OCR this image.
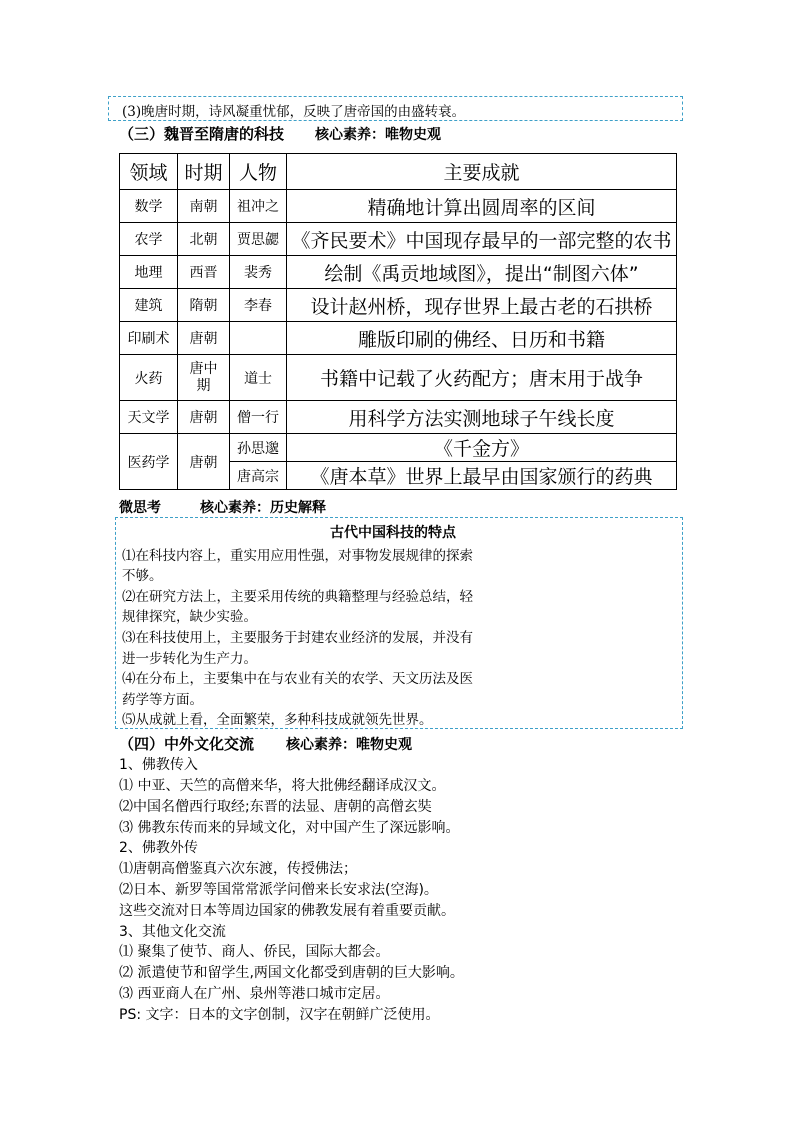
(3)晚唐时期，诗风凝重忧郁，反映了唐帝国的由盛转衰。
（三）魏晋至隋唐的科技 核心素养：唯物史观
领域	时期	人物	主要成就
数学	南朝	祖冲之	精确地计算出圆周率的区间
农学	北朝	贾思勰	《齐民要术》中国现存最早的一部完整的农书
地理	西晋	裴秀	绘制《禹贡地域图》，提出“制图六体”
建筑	隋朝	李春	设计赵州桥，现存世界上最古老的石拱桥
印刷术	唐朝		雕版印刷的佛经、日历和书籍
火药	唐中期	道士	书籍中记载了火药配方；唐末用于战争
天文学	唐朝	僧一行	用科学方法实测地球子午线长度
医药学	唐朝	孙思邈	《千金方》
		唐高宗	《唐本草》世界上最早由国家颁行的药典
微思考	核心素养：历史解释
古代中国科技的特点
⑴在科技内容上，重实用应用性强，对事物发展规律的探索
不够。
⑵在研究方法上，主要采用传统的典籍整理与经验总结，轻
规律探究，缺少实验。
⑶在科技使用上，主要服务于封建农业经济的发展，并没有
进一步转化为生产力。
⑷在分布上，主要集中在与农业有关的农学、天文历法及医
药学等方面。
⑸从成就上看，全面繁荣，多种科技成就领先世界。
（四）中外文化交流 核心素养：唯物史观
1、佛教传入
⑴ 中亚、天竺的高僧来华，将大批佛经翻译成汉文。
⑵中国名僧西行取经;东晋的法显、唐朝的高僧玄奘
⑶ 佛教东传而来的异域文化，对中国产生了深远影响。
2、佛教外传
⑴唐朝高僧鉴真六次东渡，传授佛法；
⑵日本、新罗等国常常派学问僧来长安求法(空海)。
这些交流对日本等周边国家的佛教发展有着重要贡献。
3、其他文化交流
⑴ 聚集了使节、商人、侨民，国际大都会。
⑵ 派遣使节和留学生,两国文化都受到唐朝的巨大影响。
⑶ 西亚商人在广州、泉州等港口城市定居。
PS: 文字：日本的文字创制，汉字在朝鲜广泛使用。
